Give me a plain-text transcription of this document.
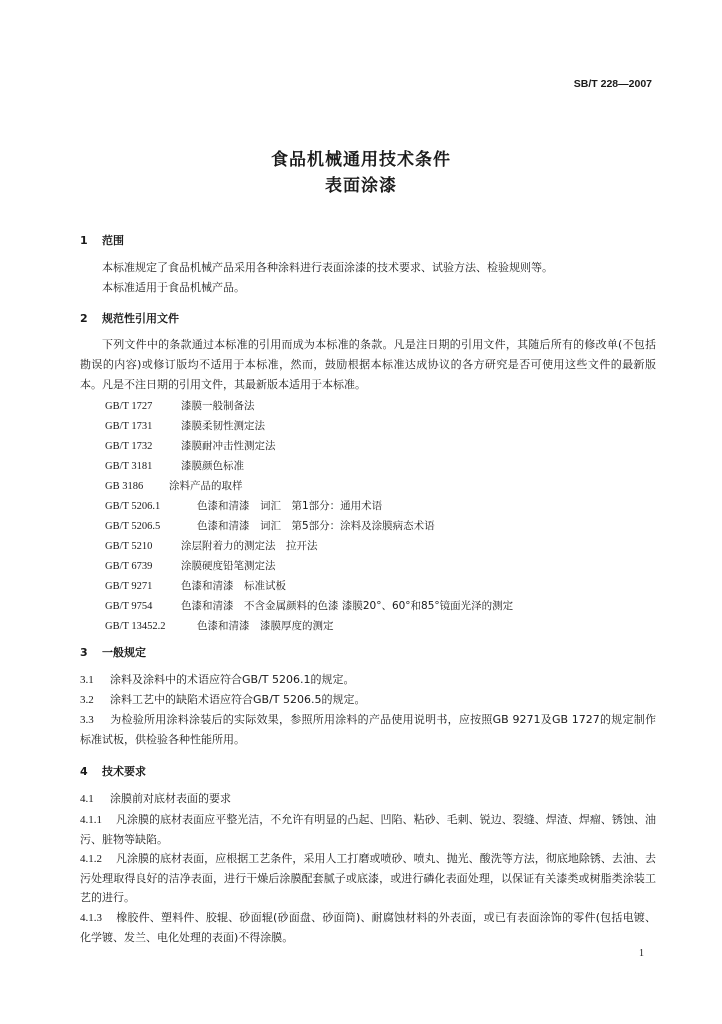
SB/T 228—2007
食品机械通用技术条件
表面涂漆
1 范围
本标准规定了食品机械产品采用各种涂料进行表面涂漆的技术要求、试验方法、检验规则等。
本标准适用于食品机械产品。
2 规范性引用文件
下列文件中的条款通过本标准的引用而成为本标准的条款。凡是注日期的引用文件，其随后所有的修改单(不包括勘误的内容)或修订版均不适用于本标准，然而，鼓励根据本标准达成协议的各方研究是否可使用这些文件的最新版本。凡是不注日期的引用文件，其最新版本适用于本标准。
GB/T 1727	漆膜一般制备法
GB/T 1731	漆膜柔韧性测定法
GB/T 1732	漆膜耐冲击性测定法
GB/T 3181	漆膜颜色标准
GB 3186 涂料产品的取样
GB/T 5206.1	色漆和清漆　词汇　第1部分：通用术语
GB/T 5206.5	色漆和清漆　词汇　第5部分：涂料及涂膜病态术语
GB/T 5210	涂层附着力的测定法　拉开法
GB/T 6739	涂膜硬度铅笔测定法
GB/T 9271	色漆和清漆　标准试板
GB/T 9754	色漆和清漆　不含金属颜料的色漆 漆膜20°、60°和85°镜面光泽的测定
GB/T 13452.2	色漆和清漆　漆膜厚度的测定
3 一般规定
3.1 涂料及涂料中的术语应符合GB/T 5206.1的规定。
3.2 涂料工艺中的缺陷术语应符合GB/T 5206.5的规定。
3.3 为检验所用涂料涂装后的实际效果，参照所用涂料的产品使用说明书，应按照GB 9271及GB 1727的规定制作标准试板，供检验各种性能所用。
4 技术要求
4.1 涂膜前对底材表面的要求
4.1.1 凡涂膜的底材表面应平整光洁，不允许有明显的凸起、凹陷、粘砂、毛刺、锐边、裂缝、焊渣、焊瘤、锈蚀、油污、脏物等缺陷。
4.1.2 凡涂膜的底材表面，应根据工艺条件，采用人工打磨或喷砂、喷丸、抛光、酸洗等方法，彻底地除锈、去油、去污处理取得良好的洁净表面，进行干燥后涂膜配套腻子或底漆，或进行磷化表面处理，以保证有关漆类或树脂类涂装工艺的进行。
4.1.3 橡胶件、塑料件、胶辊、砂面辊(砂面盘、砂面筒)、耐腐蚀材料的外表面，或已有表面涂饰的零件(包括电镀、化学镀、发兰、电化处理的表面)不得涂膜。
1
